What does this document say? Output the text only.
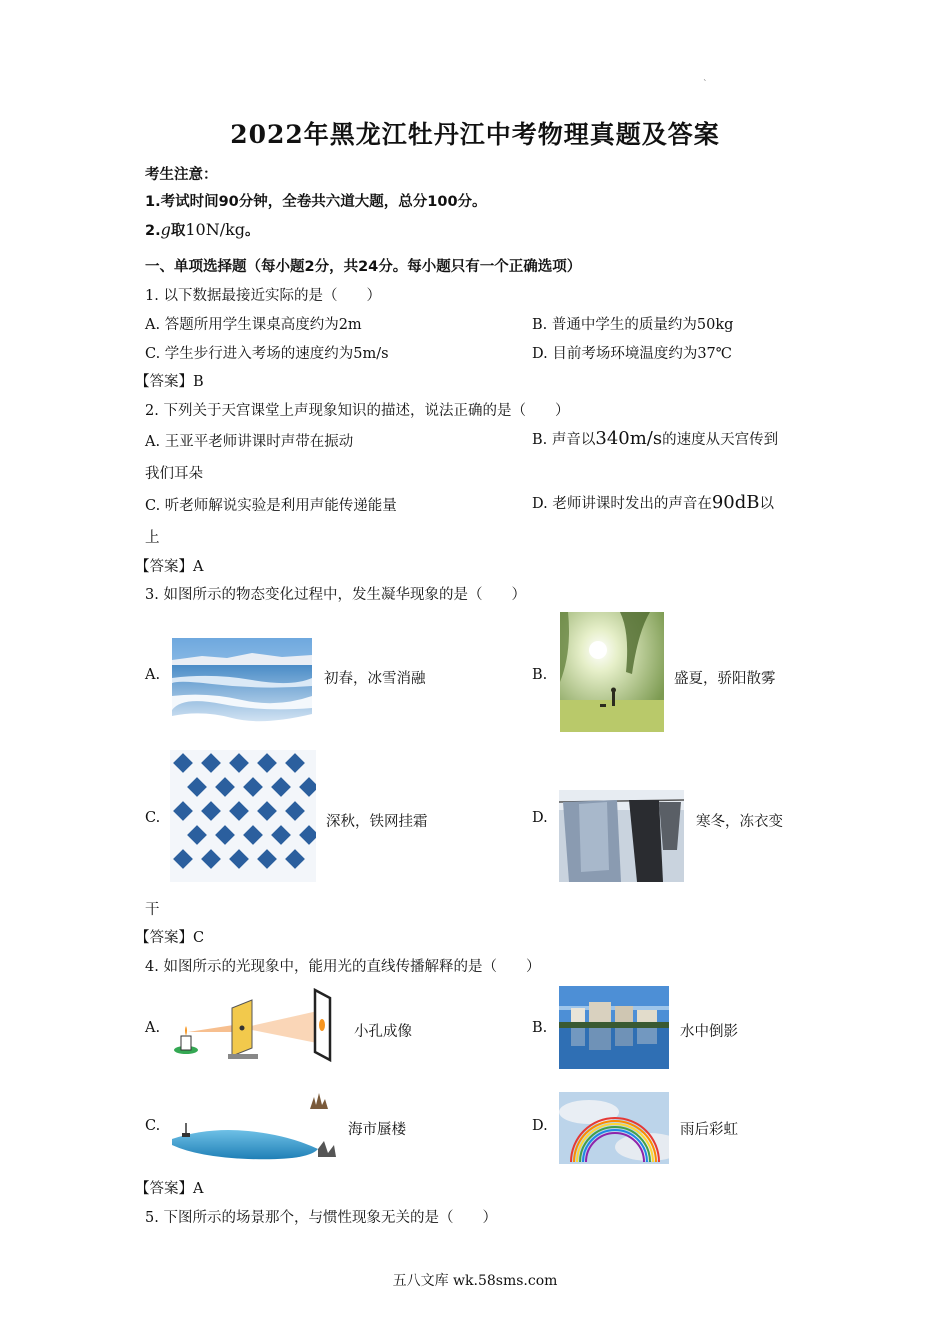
ˋ
2022年黑龙江牡丹江中考物理真题及答案
考生注意：
1.考试时间90分钟，全卷共六道大题，总分100分。
2.g取10N/kg。
一、单项选择题（每小题2分，共24分。每小题只有一个正确选项）
1. 以下数据最接近实际的是（　　）
A. 答题所用学生课桌高度约为2m	B. 普通中学生的质量约为50kg
C. 学生步行进入考场的速度约为5m/s	D. 目前考场环境温度约为37℃
【答案】B
2. 下列关于天宫课堂上声现象知识的描述，说法正确的是（　　）
A. 王亚平老师讲课时声带在振动	B. 声音以340m/s的速度从天宫传到
我们耳朵
C. 听老师解说实验是利用声能传递能量	D. 老师讲课时发出的声音在90dB以
上
【答案】A
3. 如图所示的物态变化过程中，发生凝华现象的是（　　）
A.	初春，冰雪消融	B.	盛夏，骄阳散雾
C.	深秋，铁网挂霜	D.	寒冬，冻衣变
干
【答案】C
4. 如图所示的光现象中，能用光的直线传播解释的是（　　）
A.	小孔成像	B.	水中倒影
C.	海市蜃楼	D.	雨后彩虹
【答案】A
5. 下图所示的场景那个，与惯性现象无关的是（　　）
五八文库 wk.58sms.com
